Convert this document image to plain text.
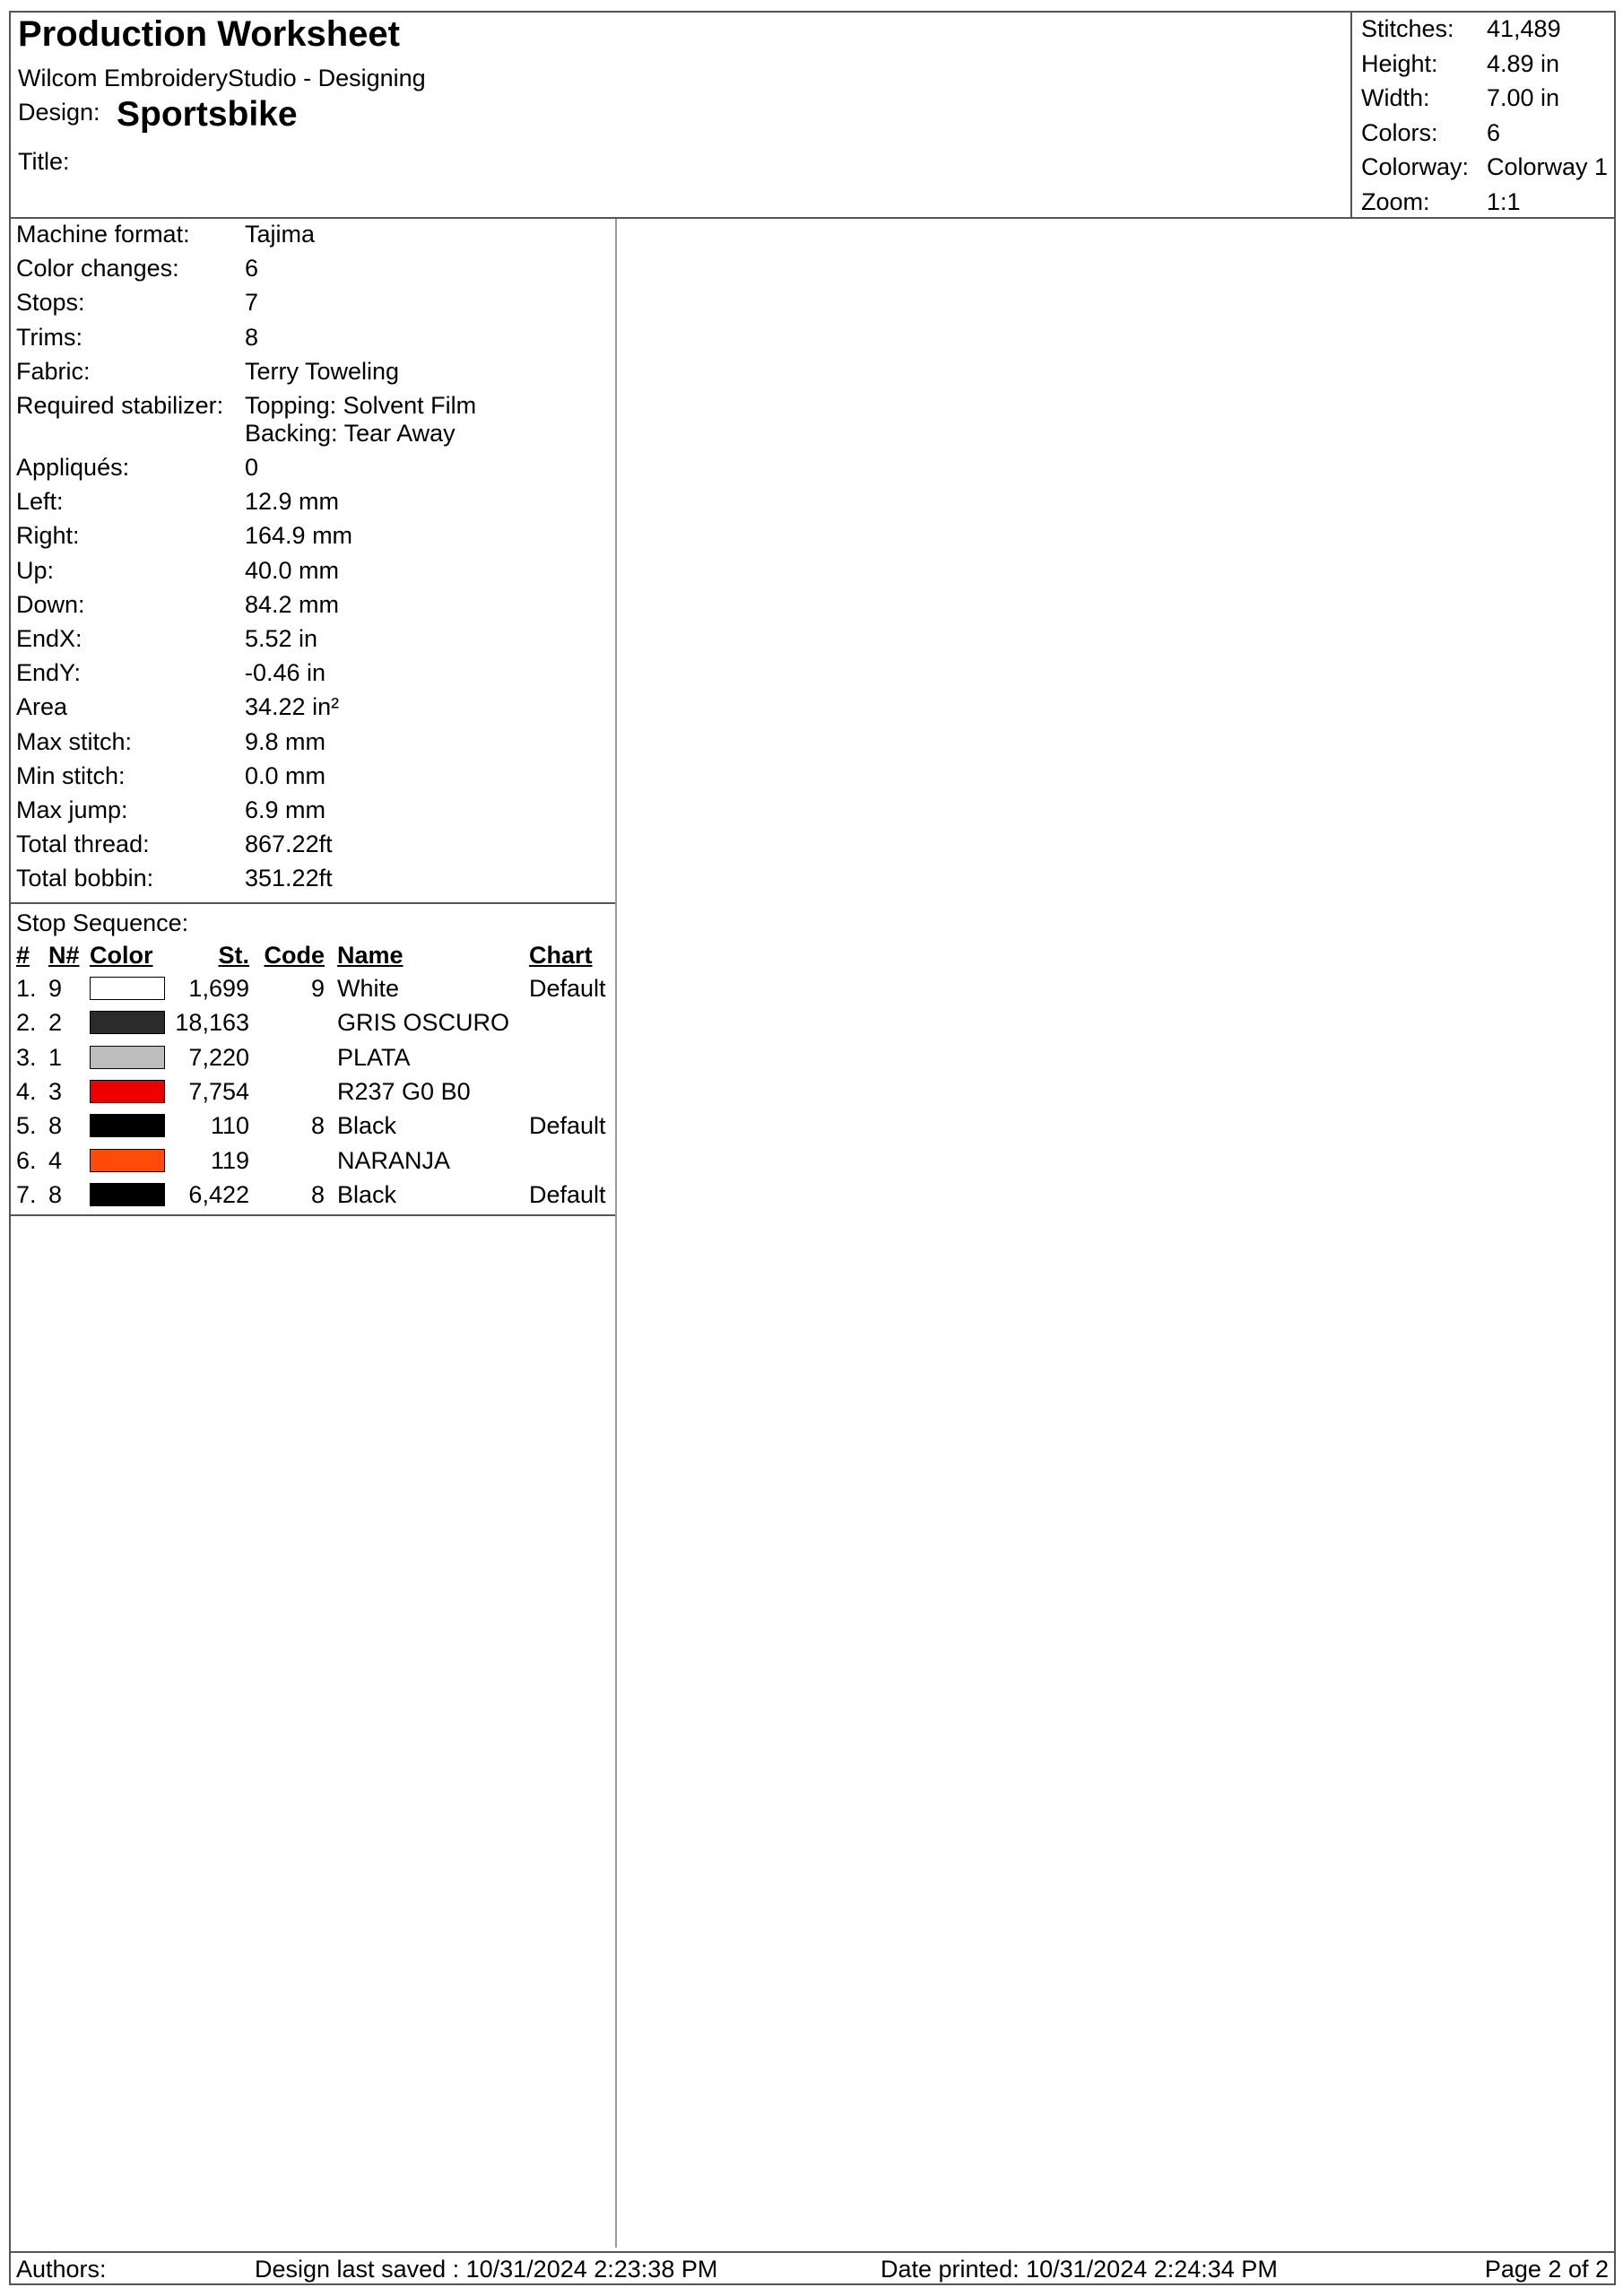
Production Worksheet
Wilcom EmbroideryStudio - Designing
Design: Sportsbike
Title:
Stitches: 41,489
Height: 4.89 in
Width: 7.00 in
Colors: 6
Colorway: Colorway 1
Zoom: 1:1
Machine format: Tajima
Color changes:	6
Stops:	7
Trims:	8
Fabric:	Terry Toweling
Required stabilizer: Topping: Solvent Film
Backing: Tear Away
Appliqués:	0
Left:	12.9 mm
Right:	164.9 mm
Up:	40.0 mm
Down:	84.2 mm
EndX:	5.52 in
EndY:	-0.46 in
Area	34.22 in²
Max stitch:	9.8 mm
Min stitch:	0.0 mm
Max jump:	6.9 mm
Total thread:	867.22ft
Total bobbin:	351.22ft
Stop Sequence:
# N# Color	St. Code Name	Chart
1. 9	1,699	9 White	Default
2. 2	18,163	GRIS OSCURO
3. 1	7,220	PLATA
4. 3	7,754	R237 G0 B0
5. 8	110	8 Black	Default
6. 4	119	NARANJA
7. 8	6,422	8 Black	Default
Authors:	Design last saved : 10/31/2024 2:23:38 PM	Date printed: 10/31/2024 2:24:34 PM	Page 2 of 2
